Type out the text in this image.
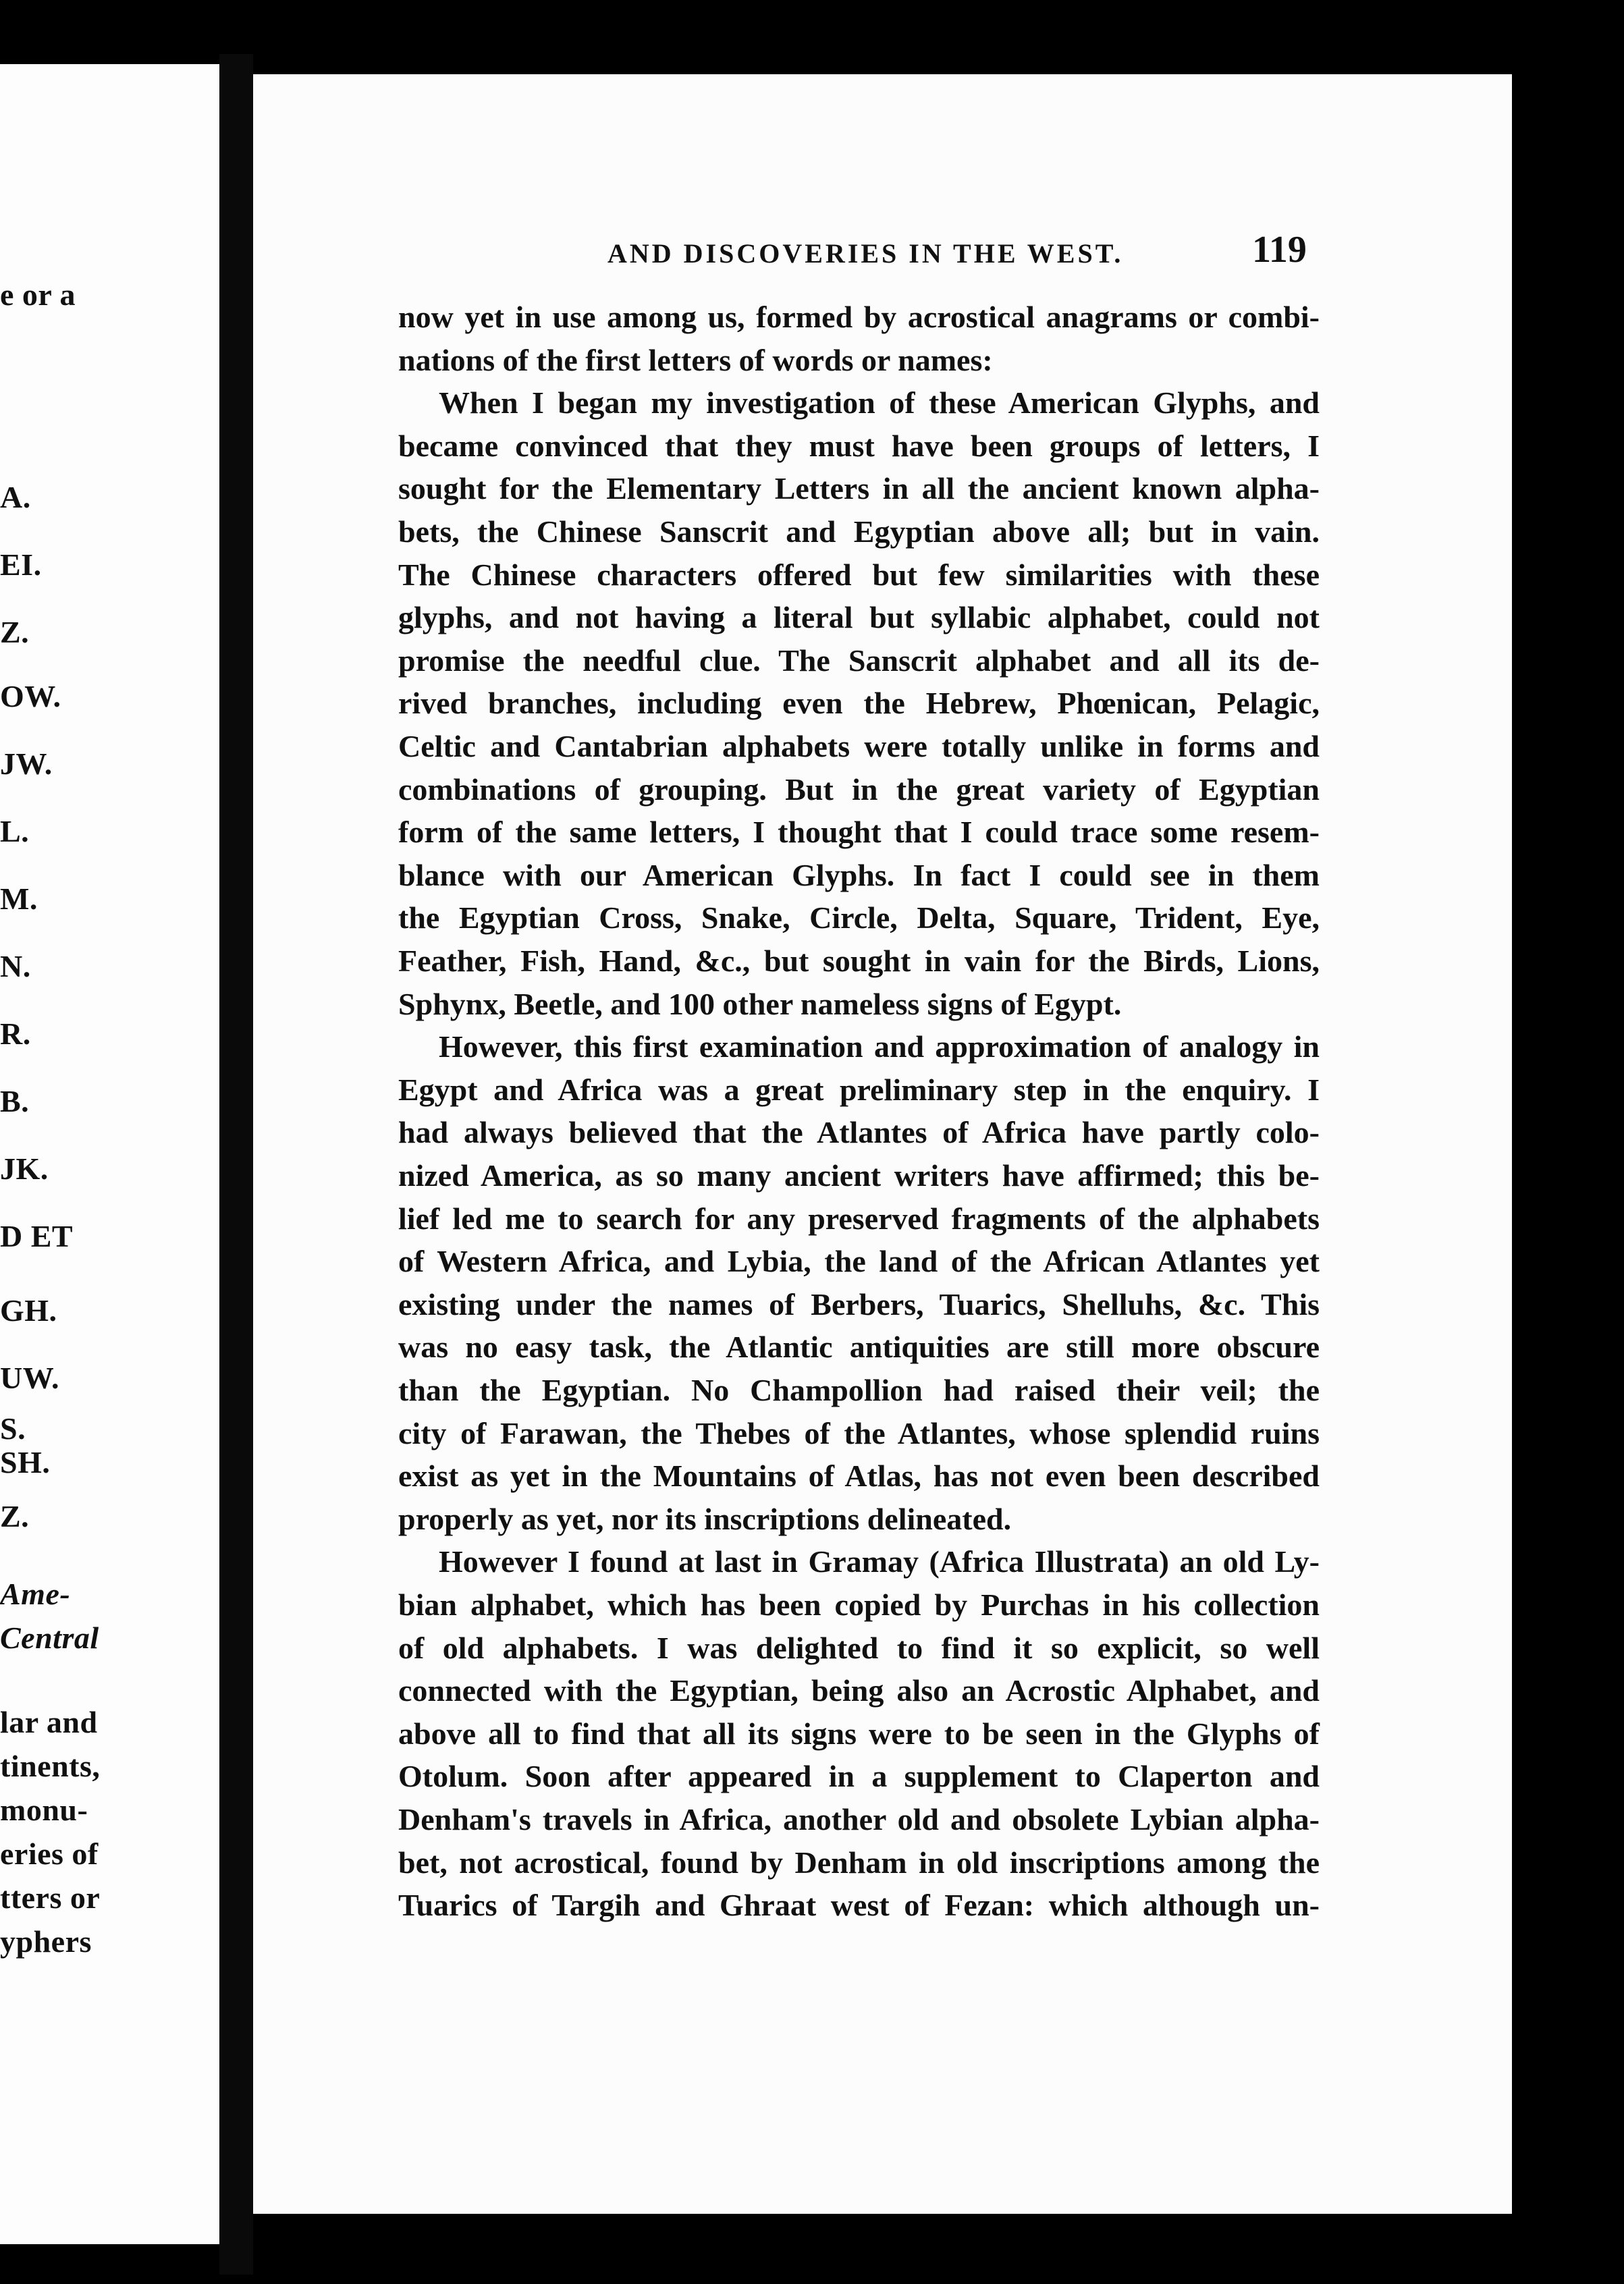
e or a
A.
EI.
Z.
OW.
JW.
L.
M.
N.
R.
B.
JK.
D ET
GH.
UW.
S.
SH.
Z.
Ame-
Central
lar and
tinents,
monu-
eries of
tters or
yphers
AND DISCOVERIES IN THE WEST.	119
now yet in use among us, formed by acrostical anagrams or combi-
nations of the first letters of words or names:
When I began my investigation of these American Glyphs, and
became convinced that they must have been groups of letters, I
sought for the Elementary Letters in all the ancient known alpha-
bets, the Chinese Sanscrit and Egyptian above all; but in vain.
The Chinese characters offered but few similarities with these
glyphs, and not having a literal but syllabic alphabet, could not
promise the needful clue. The Sanscrit alphabet and all its de-
rived branches, including even the Hebrew, Phœnican, Pelagic,
Celtic and Cantabrian alphabets were totally unlike in forms and
combinations of grouping. But in the great variety of Egyptian
form of the same letters, I thought that I could trace some resem-
blance with our American Glyphs. In fact I could see in them
the Egyptian Cross, Snake, Circle, Delta, Square, Trident, Eye,
Feather, Fish, Hand, &c., but sought in vain for the Birds, Lions,
Sphynx, Beetle, and 100 other nameless signs of Egypt.
However, this first examination and approximation of analogy in
Egypt and Africa was a great preliminary step in the enquiry. I
had always believed that the Atlantes of Africa have partly colo-
nized America, as so many ancient writers have affirmed; this be-
lief led me to search for any preserved fragments of the alphabets
of Western Africa, and Lybia, the land of the African Atlantes yet
existing under the names of Berbers, Tuarics, Shelluhs, &c. This
was no easy task, the Atlantic antiquities are still more obscure
than the Egyptian. No Champollion had raised their veil; the
city of Farawan, the Thebes of the Atlantes, whose splendid ruins
exist as yet in the Mountains of Atlas, has not even been described
properly as yet, nor its inscriptions delineated.
However I found at last in Gramay (Africa Illustrata) an old Ly-
bian alphabet, which has been copied by Purchas in his collection
of old alphabets. I was delighted to find it so explicit, so well
connected with the Egyptian, being also an Acrostic Alphabet, and
above all to find that all its signs were to be seen in the Glyphs of
Otolum. Soon after appeared in a supplement to Claperton and
Denham's travels in Africa, another old and obsolete Lybian alpha-
bet, not acrostical, found by Denham in old inscriptions among the
Tuarics of Targih and Ghraat west of Fezan: which although un-
